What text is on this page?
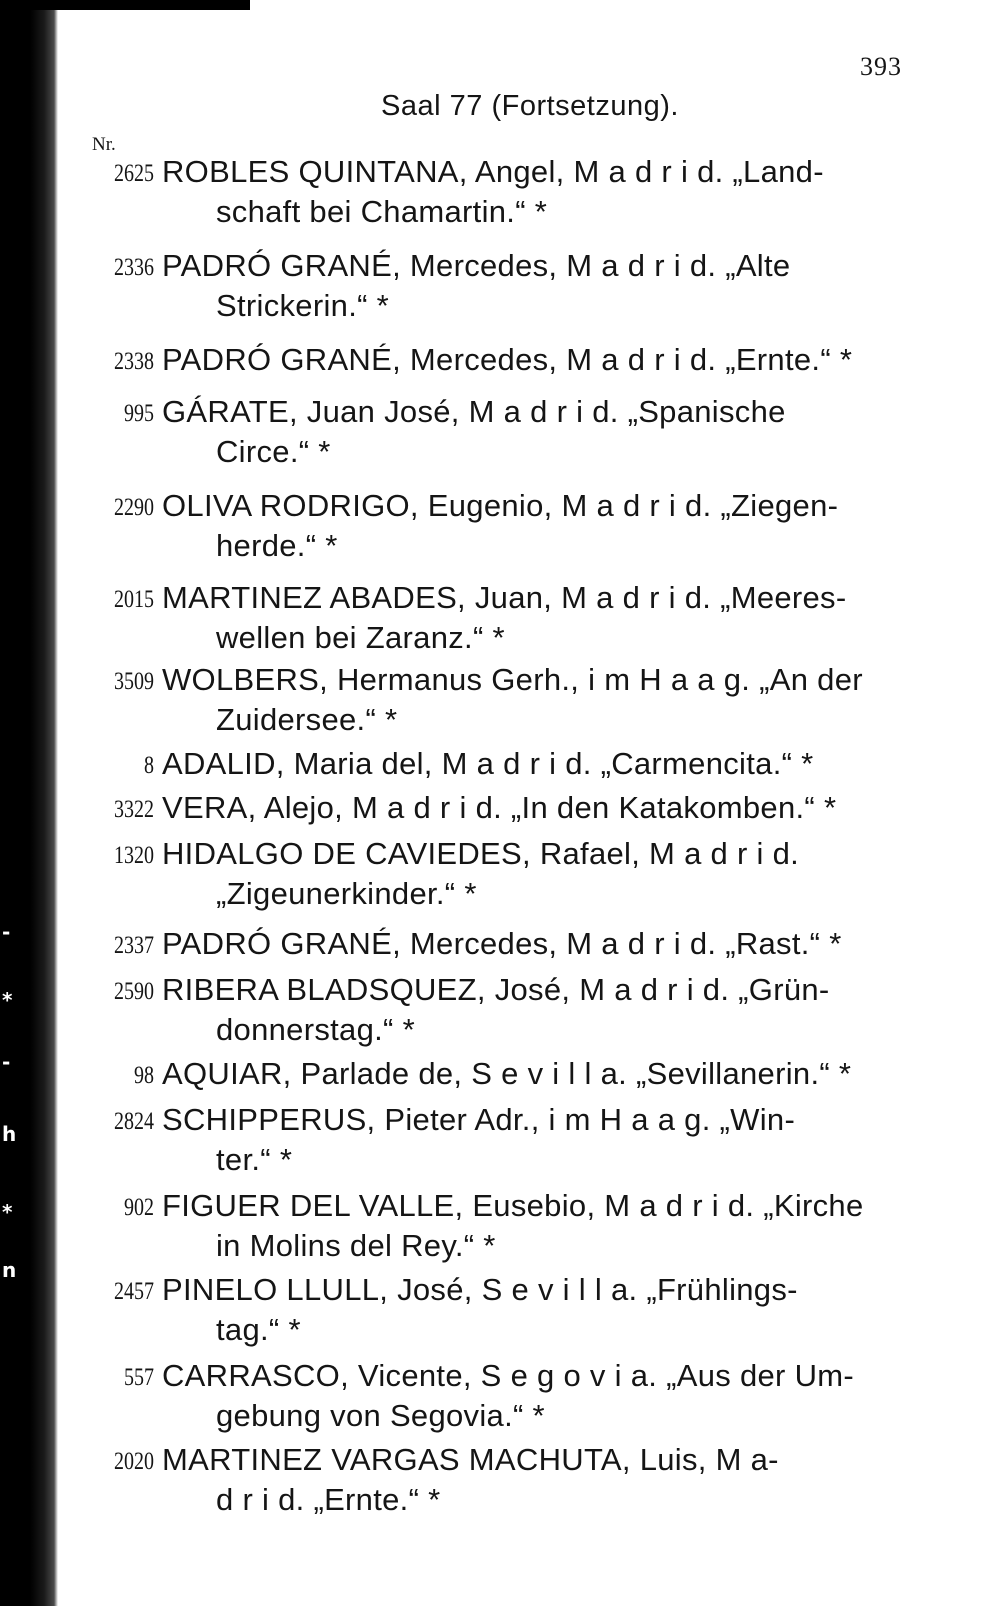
-
*
-
h
*
n
393
Saal 77 (Fortsetzung).
Nr.
2625 ROBLES QUINTANA, Angel, M a d r i d. „Land-
schaft bei Chamartin.“ *
2336 PADRÓ GRANÉ, Mercedes, M a d r i d. „Alte
Strickerin.“ *
2338 PADRÓ GRANÉ, Mercedes, M a d r i d. „Ernte.“ *
995 GÁRATE, Juan José, M a d r i d. „Spanische
Circe.“ *
2290 OLIVA RODRIGO, Eugenio, M a d r i d. „Ziegen-
herde.“ *
2015 MARTINEZ ABADES, Juan, M a d r i d. „Meeres-
wellen bei Zaranz.“ *
3509 WOLBERS, Hermanus Gerh., i m H a a g. „An der
Zuidersee.“ *
8 ADALID, Maria del, M a d r i d. „Carmencita.“ *
3322 VERA, Alejo, M a d r i d. „In den Katakomben.“ *
1320 HIDALGO DE CAVIEDES, Rafael, M a d r i d.
„Zigeunerkinder.“ *
2337 PADRÓ GRANÉ, Mercedes, M a d r i d. „Rast.“ *
2590 RIBERA BLADSQUEZ, José, M a d r i d. „Grün-
donnerstag.“ *
98 AQUIAR, Parlade de, S e v i l l a. „Sevillanerin.“ *
2824 SCHIPPERUS, Pieter Adr., i m H a a g. „Win-
ter.“ *
902 FIGUER DEL VALLE, Eusebio, M a d r i d. „Kirche
in Molins del Rey.“ *
2457 PINELO LLULL, José, S e v i l l a. „Frühlings-
tag.“ *
557 CARRASCO, Vicente, S e g o v i a. „Aus der Um-
gebung von Segovia.“ *
2020 MARTINEZ VARGAS MACHUTA, Luis, M a-
d r i d. „Ernte.“ *
